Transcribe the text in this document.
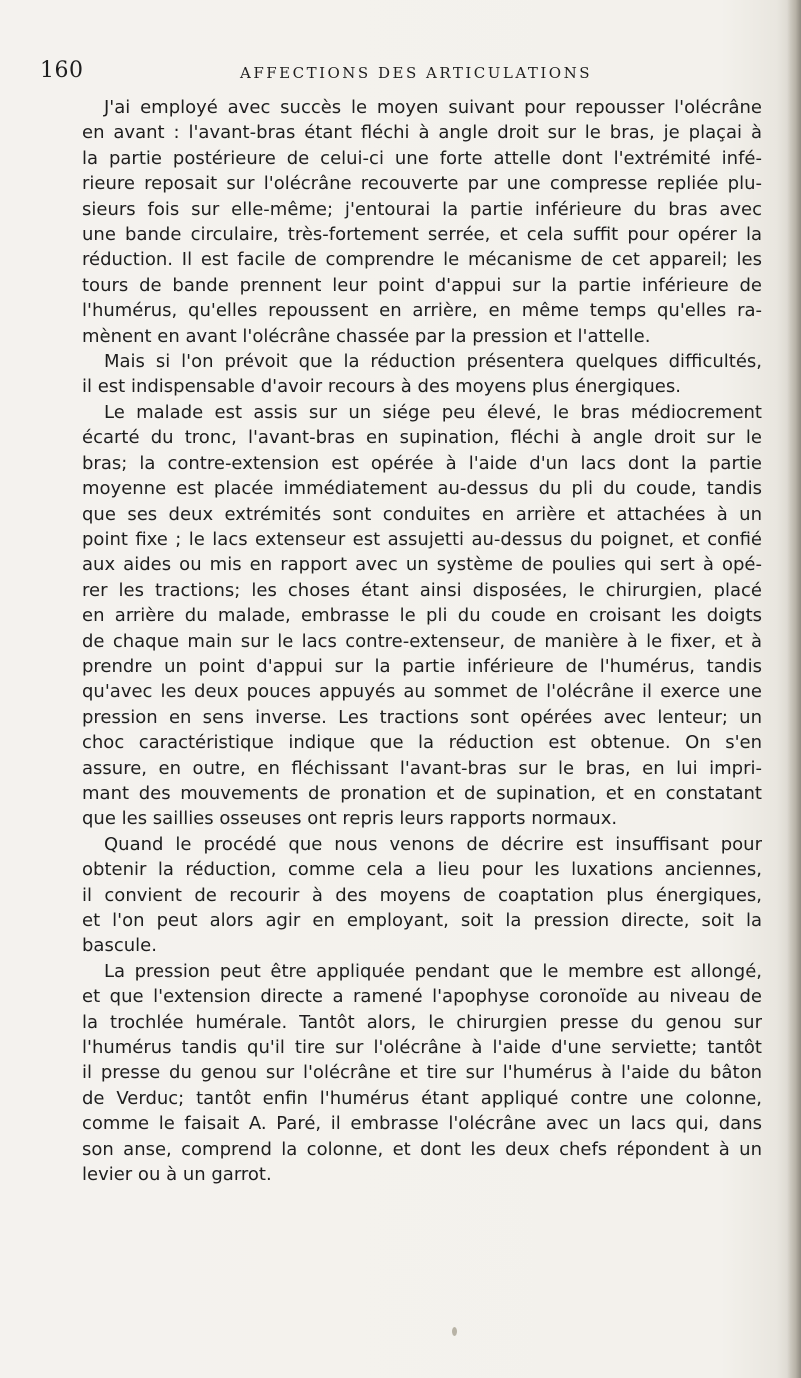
160	AFFECTIONS DES ARTICULATIONS
J'ai employé avec succès le moyen suivant pour repousser l'olécrâne
en avant : l'avant-bras étant fléchi à angle droit sur le bras, je plaçai à
la partie postérieure de celui-ci une forte attelle dont l'extrémité infé-
rieure reposait sur l'olécrâne recouverte par une compresse repliée plu-
sieurs fois sur elle-même; j'entourai la partie inférieure du bras avec
une bande circulaire, très-fortement serrée, et cela suffit pour opérer la
réduction. Il est facile de comprendre le mécanisme de cet appareil; les
tours de bande prennent leur point d'appui sur la partie inférieure de
l'humérus, qu'elles repoussent en arrière, en même temps qu'elles ra-
mènent en avant l'olécrâne chassée par la pression et l'attelle.
Mais si l'on prévoit que la réduction présentera quelques difficultés,
il est indispensable d'avoir recours à des moyens plus énergiques.
Le malade est assis sur un siége peu élevé, le bras médiocrement
écarté du tronc, l'avant-bras en supination, fléchi à angle droit sur le
bras; la contre-extension est opérée à l'aide d'un lacs dont la partie
moyenne est placée immédiatement au-dessus du pli du coude, tandis
que ses deux extrémités sont conduites en arrière et attachées à un
point fixe ; le lacs extenseur est assujetti au-dessus du poignet, et confié
aux aides ou mis en rapport avec un système de poulies qui sert à opé-
rer les tractions; les choses étant ainsi disposées, le chirurgien, placé
en arrière du malade, embrasse le pli du coude en croisant les doigts
de chaque main sur le lacs contre-extenseur, de manière à le fixer, et à
prendre un point d'appui sur la partie inférieure de l'humérus, tandis
qu'avec les deux pouces appuyés au sommet de l'olécrâne il exerce une
pression en sens inverse. Les tractions sont opérées avec lenteur; un
choc caractéristique indique que la réduction est obtenue. On s'en
assure, en outre, en fléchissant l'avant-bras sur le bras, en lui impri-
mant des mouvements de pronation et de supination, et en constatant
que les saillies osseuses ont repris leurs rapports normaux.
Quand le procédé que nous venons de décrire est insuffisant pour
obtenir la réduction, comme cela a lieu pour les luxations anciennes,
il convient de recourir à des moyens de coaptation plus énergiques,
et l'on peut alors agir en employant, soit la pression directe, soit la
bascule.
La pression peut être appliquée pendant que le membre est allongé,
et que l'extension directe a ramené l'apophyse coronoïde au niveau de
la trochlée humérale. Tantôt alors, le chirurgien presse du genou sur
l'humérus tandis qu'il tire sur l'olécrâne à l'aide d'une serviette; tantôt
il presse du genou sur l'olécrâne et tire sur l'humérus à l'aide du bâton
de Verduc; tantôt enfin l'humérus étant appliqué contre une colonne,
comme le faisait A. Paré, il embrasse l'olécrâne avec un lacs qui, dans
son anse, comprend la colonne, et dont les deux chefs répondent à un
levier ou à un garrot.
